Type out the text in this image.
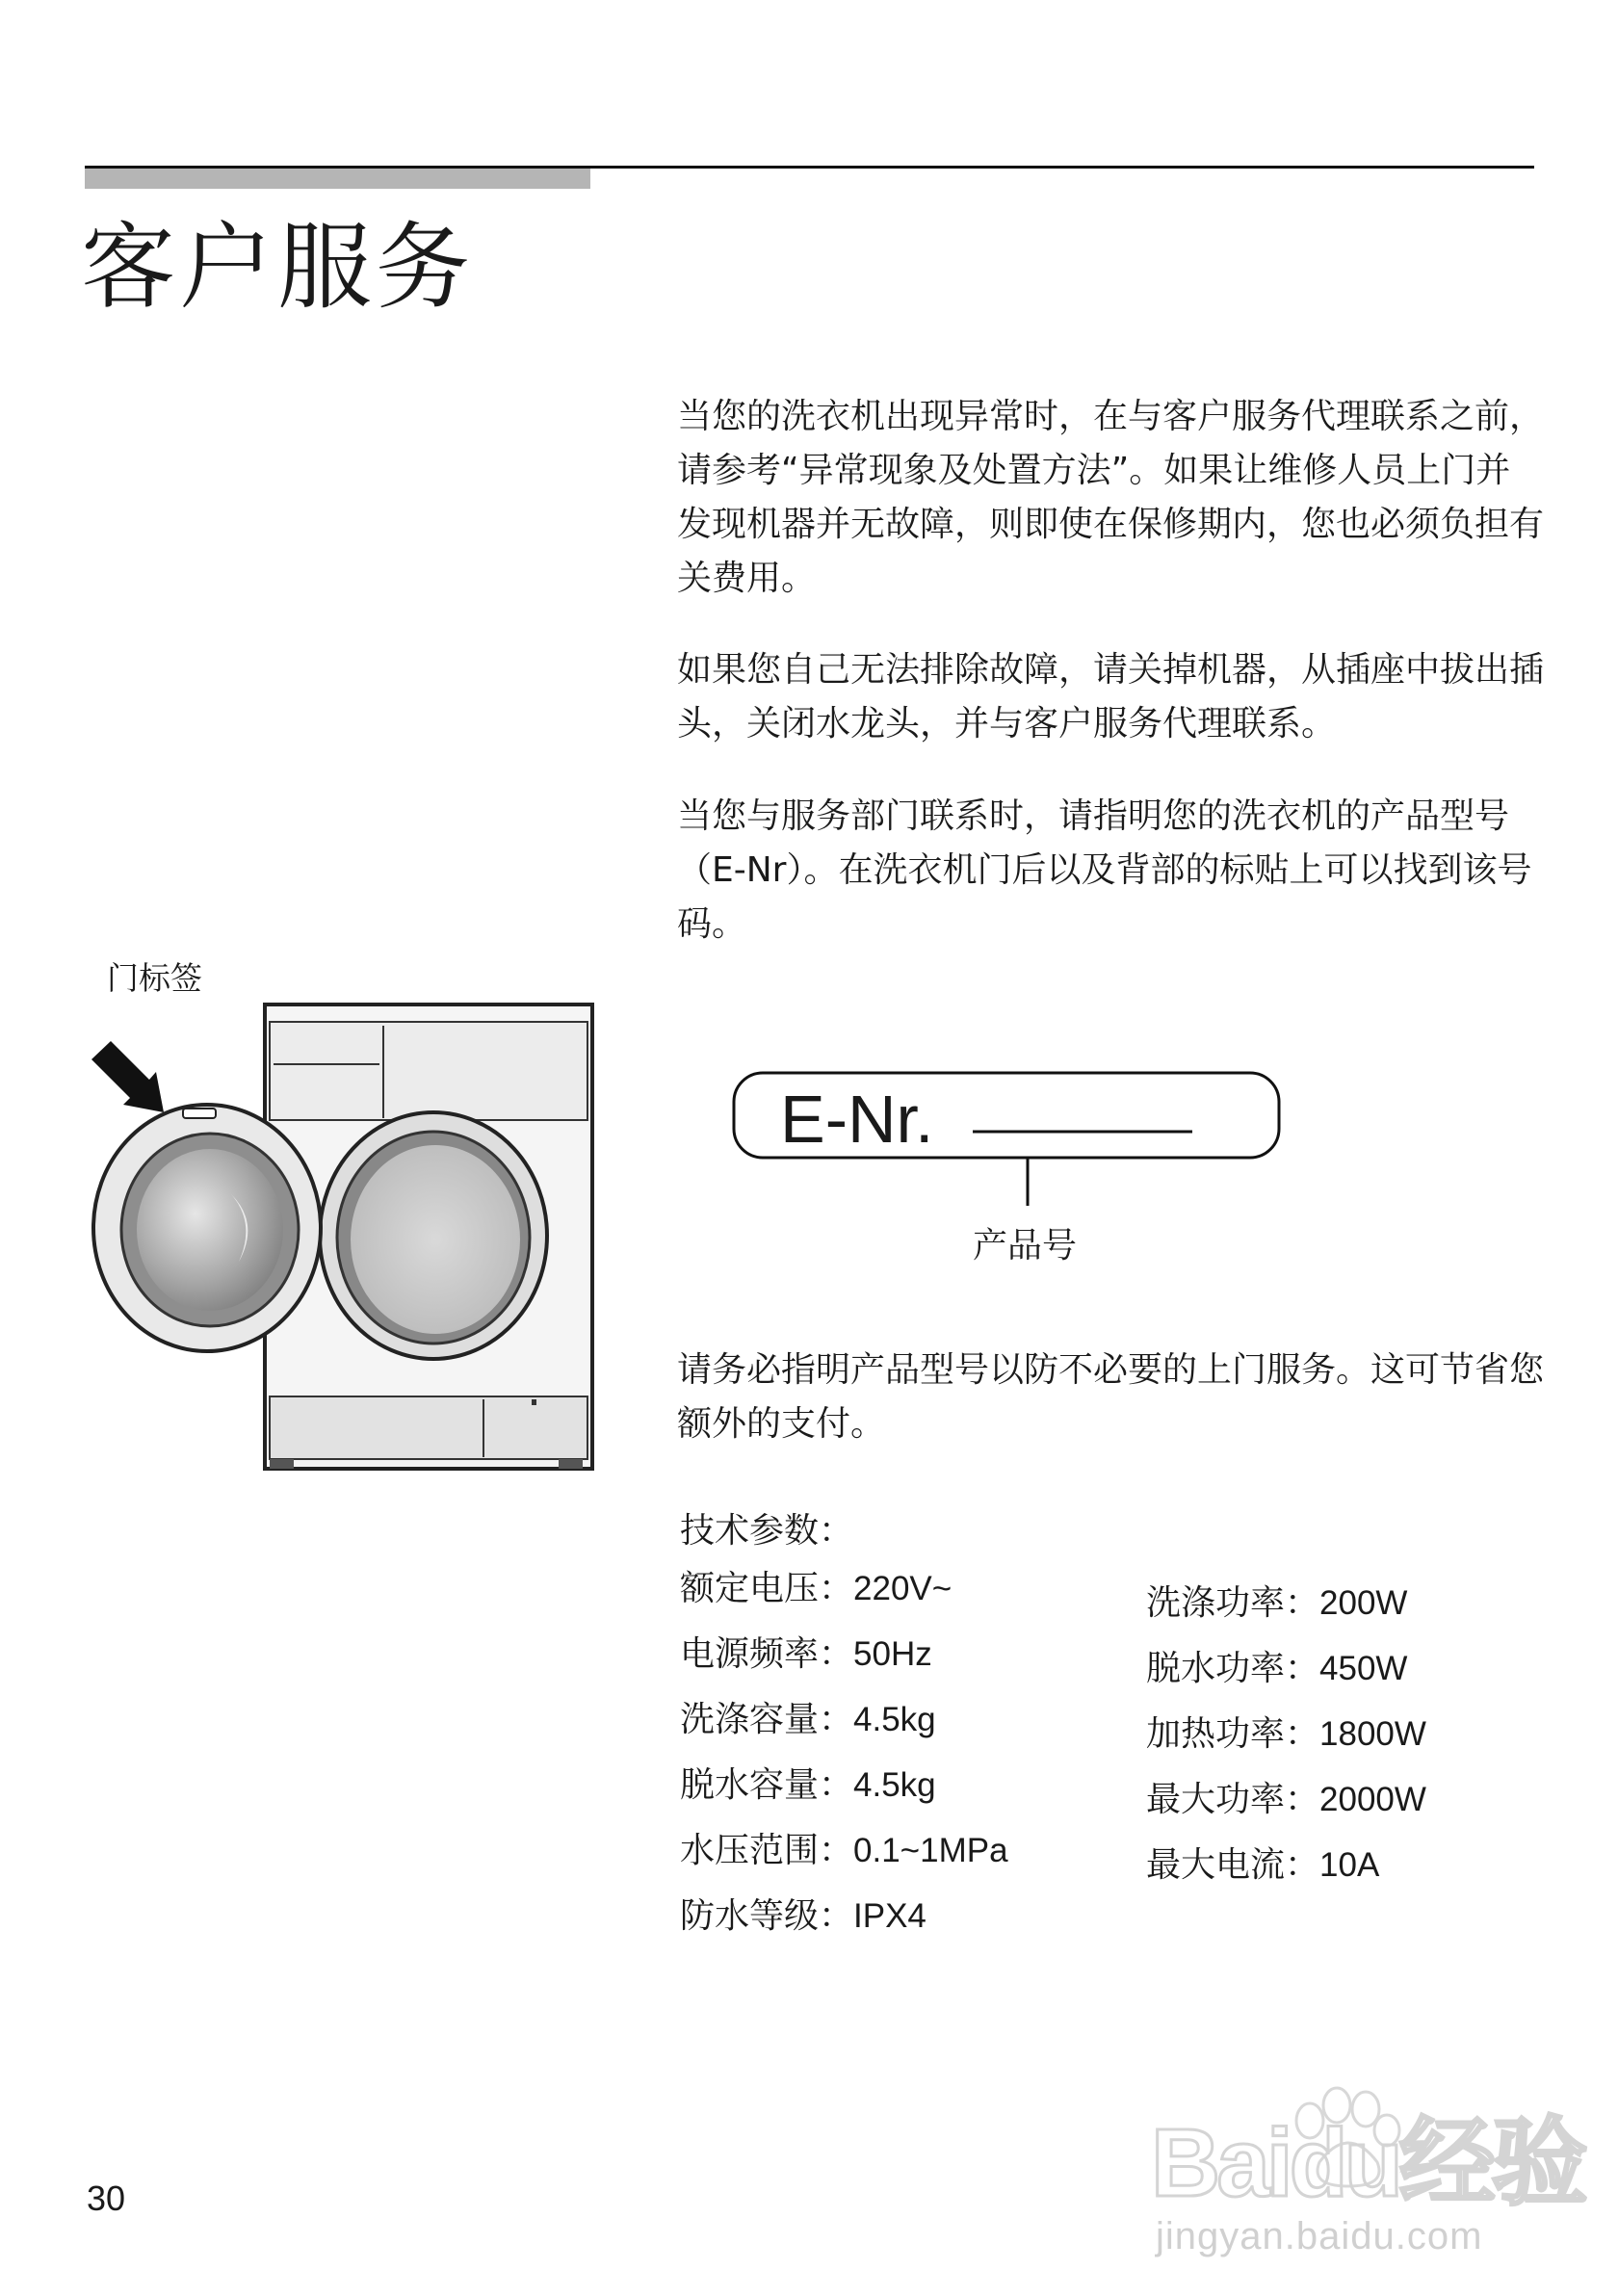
客户服务

当您的洗衣机出现异常时，在与客户服务代理联系之前，请参考“异常现象及处置方法”。如果让维修人员上门并发现机器并无故障，则即使在保修期内，您也必须负担有关费用。

如果您自己无法排除故障，请关掉机器，从插座中拔出插头，关闭水龙头，并与客户服务代理联系。

当您与服务部门联系时，请指明您的洗衣机的产品型号（E-Nr）。在洗衣机门后以及背部的标贴上可以找到该号码。

请务必指明产品型号以防不必要的上门服务。这可节省您额外的支付。

门标签
E-Nr.
产品号
技术参数：
额定电压：220V~
电源频率：50Hz
洗涤容量：4.5kg
脱水容量：4.5kg
水压范围：0.1~1MPa
防水等级：IPX4
洗涤功率：200W
脱水功率：450W
加热功率：1800W
最大功率：2000W
最大电流：10A
30	Baidu经验
jingyan.baidu.com
